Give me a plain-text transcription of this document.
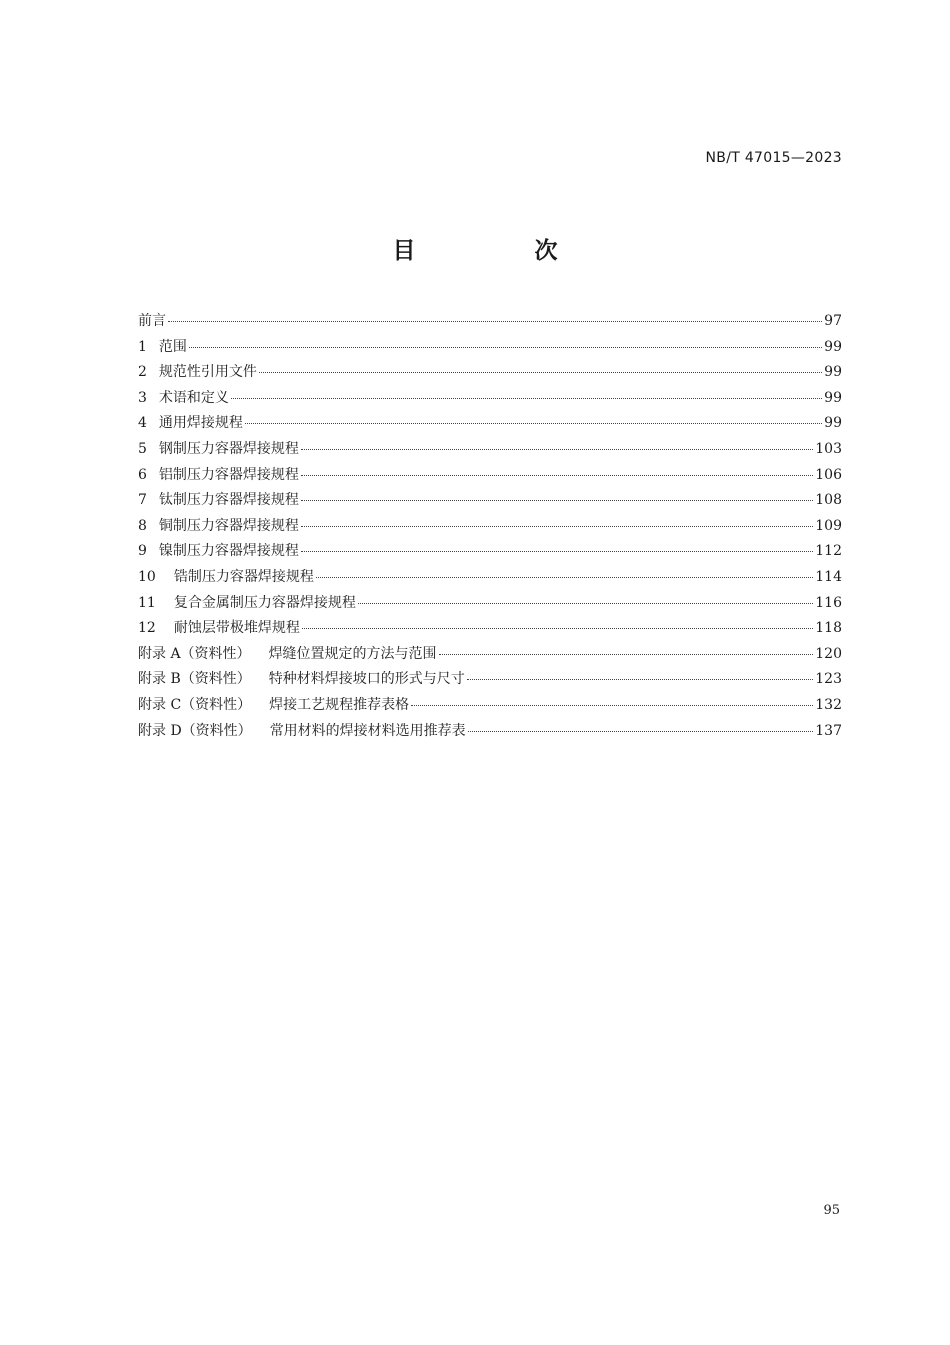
NB/T 47015—2023
目　次
前言	97
1 范围	99
2 规范性引用文件	99
3 术语和定义	99
4 通用焊接规程	99
5 钢制压力容器焊接规程	103
6 铝制压力容器焊接规程	106
7 钛制压力容器焊接规程	108
8 铜制压力容器焊接规程	109
9 镍制压力容器焊接规程	112
10 锆制压力容器焊接规程	114
11 复合金属制压力容器焊接规程	116
12 耐蚀层带极堆焊规程	118
附录 A（资料性） 焊缝位置规定的方法与范围	120
附录 B（资料性） 特种材料焊接坡口的形式与尺寸	123
附录 C（资料性） 焊接工艺规程推荐表格	132
附录 D（资料性） 常用材料的焊接材料选用推荐表	137
95
